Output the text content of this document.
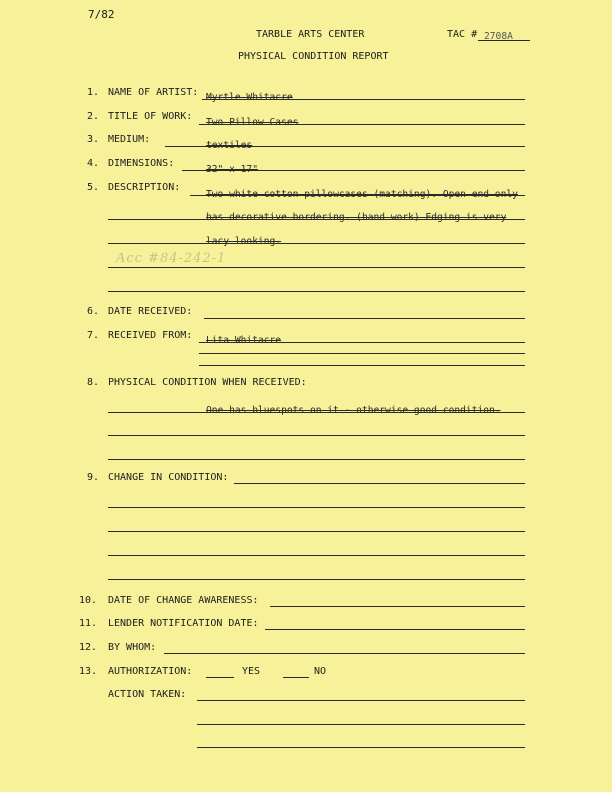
7/82
TARBLE ARTS CENTER	TAC # 2708A
PHYSICAL CONDITION REPORT
1. NAME OF ARTIST: Myrtle Whitacre
2. TITLE OF WORK:
Two Pillow Cases
3. MEDIUM:
textiles
4. DIMENSIONS:
32" x 17"
5. DESCRIPTION:
Two white cotton pillowcases (matching). Open end only
has decorative bordering. (hand work) Edging is very
lacy looking.
Acc #84-242-1
6. DATE RECEIVED:
7. RECEIVED FROM: Lita Whitacre
8. PHYSICAL CONDITION WHEN RECEIVED:
One has bluespots on it - otherwise good condition.
9. CHANGE IN CONDITION:
10. DATE OF CHANGE AWARENESS:
11. LENDER NOTIFICATION DATE:
12. BY WHOM:
13. AUTHORIZATION:	YES	NO
ACTION TAKEN:
